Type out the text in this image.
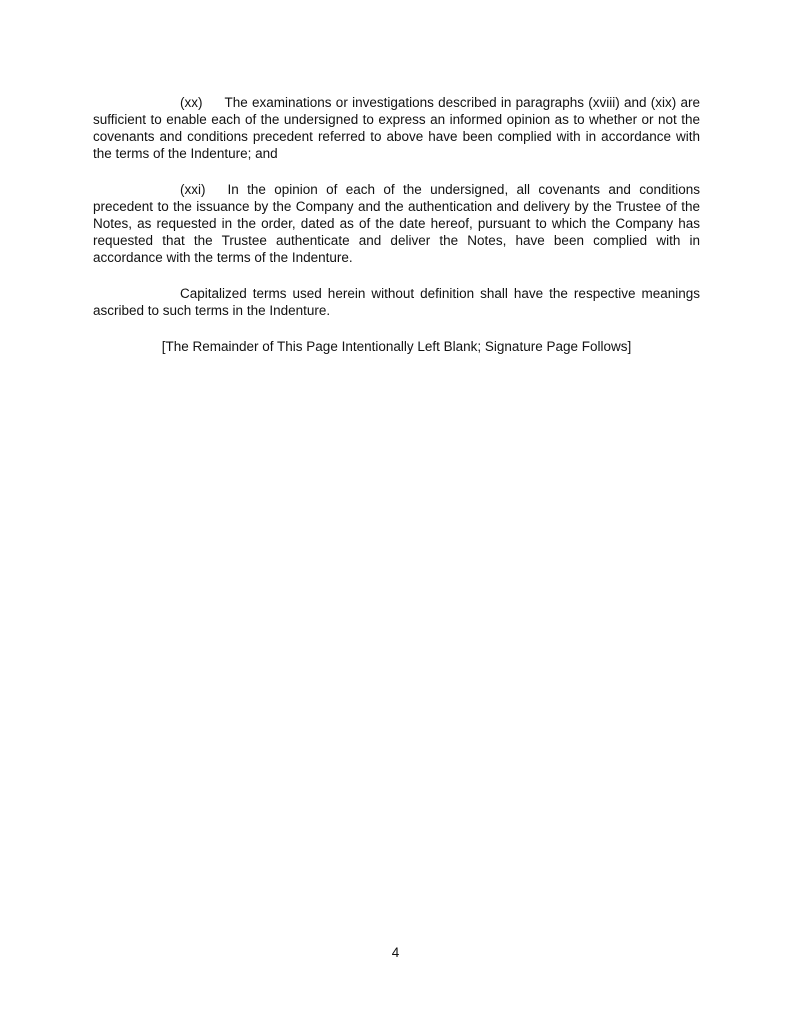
(xx) The examinations or investigations described in paragraphs (xviii) and (xix) are sufficient to enable each of the undersigned to express an informed opinion as to whether or not the covenants and conditions precedent referred to above have been complied with in accordance with the terms of the Indenture; and

(xxi) In the opinion of each of the undersigned, all covenants and conditions precedent to the issuance by the Company and the authentication and delivery by the Trustee of the Notes, as requested in the order, dated as of the date hereof, pursuant to which the Company has requested that the Trustee authenticate and deliver the Notes, have been complied with in accordance with the terms of the Indenture.

Capitalized terms used herein without definition shall have the respective meanings ascribed to such terms in the Indenture.

[The Remainder of This Page Intentionally Left Blank; Signature Page Follows]

4
